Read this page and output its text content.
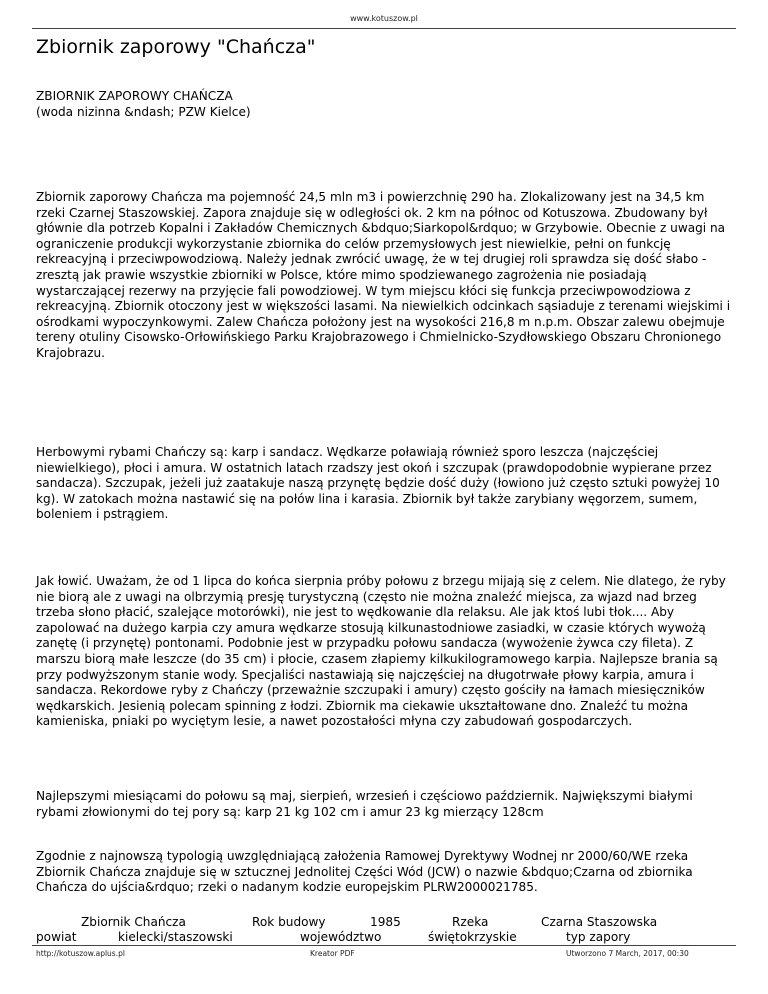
www.kotuszow.pl
Zbiornik zaporowy "Chańcza"
ZBIORNIK ZAPOROWY CHAŃCZA
(woda nizinna &ndash; PZW Kielce)

Zbiornik zaporowy Chańcza ma pojemność 24,5 mln m3 i powierzchnię 290 ha. Zlokalizowany jest na 34,5 km rzeki Czarnej Staszowskiej. Zapora znajduje się w odległości ok. 2 km na północ od Kotuszowa. Zbudowany był głównie dla potrzeb Kopalni i Zakładów Chemicznych &bdquo;Siarkopol&rdquo; w Grzybowie. Obecnie z uwagi na ograniczenie produkcji wykorzystanie zbiornika do celów przemysłowych jest niewielkie, pełni on funkcję rekreacyjną i przeciwpowodziową. Należy jednak zwrócić uwagę, że w tej drugiej roli sprawdza się dość słabo - zresztą jak prawie wszystkie zbiorniki w Polsce, które mimo spodziewanego zagrożenia nie posiadają wystarczającej rezerwy na przyjęcie fali powodziowej. W tym miejscu kłóci się funkcja przeciwpowodziowa z rekreacyjną. Zbiornik otoczony jest w większości lasami. Na niewielkich odcinkach sąsiaduje z terenami wiejskimi i ośrodkami wypoczynkowymi. Zalew Chańcza położony jest na wysokości 216,8 m n.p.m. Obszar zalewu obejmuje tereny otuliny Cisowsko-Orłowińskiego Parku Krajobrazowego i Chmielnicko-Szydłowskiego Obszaru Chronionego Krajobrazu.

Herbowymi rybami Chańczy są: karp i sandacz. Wędkarze poławiają również sporo leszcza (najczęściej niewielkiego), płoci i amura. W ostatnich latach rzadszy jest okoń i szczupak (prawdopodobnie wypierane przez sandacza). Szczupak, jeżeli już zaatakuje naszą przynętę będzie dość duży (łowiono już często sztuki powyżej 10 kg). W zatokach można nastawić się na połów lina i karasia. Zbiornik był także zarybiany węgorzem, sumem, boleniem i pstrągiem.

Jak łowić. Uważam, że od 1 lipca do końca sierpnia próby połowu z brzegu mijają się z celem. Nie dlatego, że ryby nie biorą ale z uwagi na olbrzymią presję turystyczną (często nie można znaleźć miejsca, za wjazd nad brzeg trzeba słono płacić, szalejące motorówki), nie jest to wędkowanie dla relaksu. Ale jak ktoś lubi tłok.... Aby zapolować na dużego karpia czy amura wędkarze stosują kilkunastodniowe zasiadki, w czasie których wywożą zanętę (i przynętę) pontonami. Podobnie jest w przypadku połowu sandacza (wywożenie żywca czy fileta). Z marszu biorą małe leszcze (do 35 cm) i płocie, czasem złapiemy kilkukilogramowego karpia. Najlepsze brania są przy podwyższonym stanie wody. Specjaliści nastawiają się najczęściej na długotrwałe płowy karpia, amura i sandacza. Rekordowe ryby z Chańczy (przeważnie szczupaki i amury) często gościły na łamach miesięczników wędkarskich. Jesienią polecam spinning z łodzi. Zbiornik ma ciekawie ukształtowane dno. Znaleźć tu można kamieniska, pniaki po wyciętym lesie, a nawet pozostałości młyna czy zabudowań gospodarczych.

Najlepszymi miesiącami do połowu są maj, sierpień, wrzesień i częściowo październik. Największymi białymi rybami złowionymi do tej pory są: karp 21 kg 102 cm i amur 23 kg mierzący 128cm

Zgodnie z najnowszą typologią uwzględniającą założenia Ramowej Dyrektywy Wodnej nr 2000/60/WE rzeka Zbiornik Chańcza znajduje się w sztucznej Jednolitej Części Wód (JCW) o nazwie &bdquo;Czarna od zbiornika Chańcza do ujścia&rdquo; rzeki o nadanym kodzie europejskim PLRW2000021785.

Zbiornik Chańcza	Rok budowy	1985	Rzeka	Czarna Staszowska
powiat	kielecki/staszowski	województwo	świętokrzyskie	typ zapory
http://kotuszow.aplus.pl	Kreator PDF	Utworzono 7 March, 2017, 00:30
